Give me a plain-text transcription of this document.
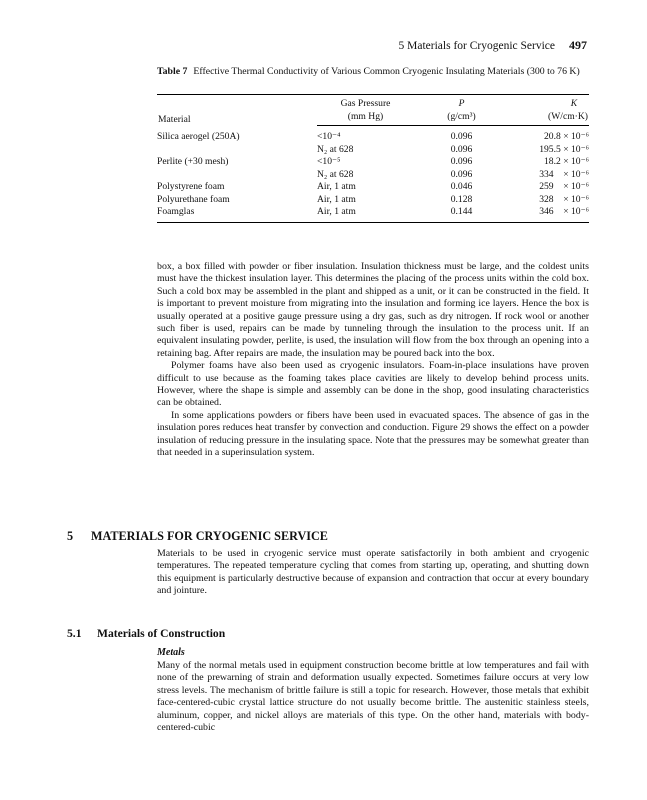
5 Materials for Cryogenic Service 497
Table 7 Effective Thermal Conductivity of Various Common Cryogenic Insulating Materials (300 to 76 K)
Material	Gas Pressure	P	K
	(mm Hg)	(g/cm³)	(W/cm·K)
Silica aerogel (250A)	<10⁻⁴	0.096	20.8 × 10⁻⁶
	N₂ at 628	0.096	195.5 × 10⁻⁶
Perlite (+30 mesh)	<10⁻⁵	0.096	18.2 × 10⁻⁶
	N₂ at 628	0.096	334    × 10⁻⁶
Polystyrene foam	Air, 1 atm	0.046	259    × 10⁻⁶
Polyurethane foam	Air, 1 atm	0.128	328    × 10⁻⁶
Foamglas	Air, 1 atm	0.144	346    × 10⁻⁶

box, a box filled with powder or fiber insulation. Insulation thickness must be large, and the coldest units must have the thickest insulation layer. This determines the placing of the process units within the cold box. Such a cold box may be assembled in the plant and shipped as a unit, or it can be constructed in the field. It is important to prevent moisture from migrating into the insulation and forming ice layers. Hence the box is usually operated at a positive gauge pressure using a dry gas, such as dry nitrogen. If rock wool or another such fiber is used, repairs can be made by tunneling through the insulation to the process unit. If an equivalent insulating powder, perlite, is used, the insulation will flow from the box through an opening into a retaining bag. After repairs are made, the insulation may be poured back into the box.

Polymer foams have also been used as cryogenic insulators. Foam-in-place insulations have proven difficult to use because as the foaming takes place cavities are likely to develop behind process units. However, where the shape is simple and assembly can be done in the shop, good insulating characteristics can be obtained.

In some applications powders or fibers have been used in evacuated spaces. The absence of gas in the insulation pores reduces heat transfer by convection and conduction. Figure 29 shows the effect on a powder insulation of reducing pressure in the insulating space. Note that the pressures may be somewhat greater than that needed in a superinsulation system.

5 MATERIALS FOR CRYOGENIC SERVICE

Materials to be used in cryogenic service must operate satisfactorily in both ambient and cryogenic temperatures. The repeated temperature cycling that comes from starting up, operating, and shutting down this equipment is particularly destructive because of expansion and contraction that occur at every boundary and jointure.

5.1 Materials of Construction
Metals

Many of the normal metals used in equipment construction become brittle at low temperatures and fail with none of the prewarning of strain and deformation usually expected. Sometimes failure occurs at very low stress levels. The mechanism of brittle failure is still a topic for research. However, those metals that exhibit face-centered-cubic crystal lattice structure do not usually become brittle. The austenitic stainless steels, aluminum, copper, and nickel alloys are materials of this type. On the other hand, materials with body-centered-cubic
